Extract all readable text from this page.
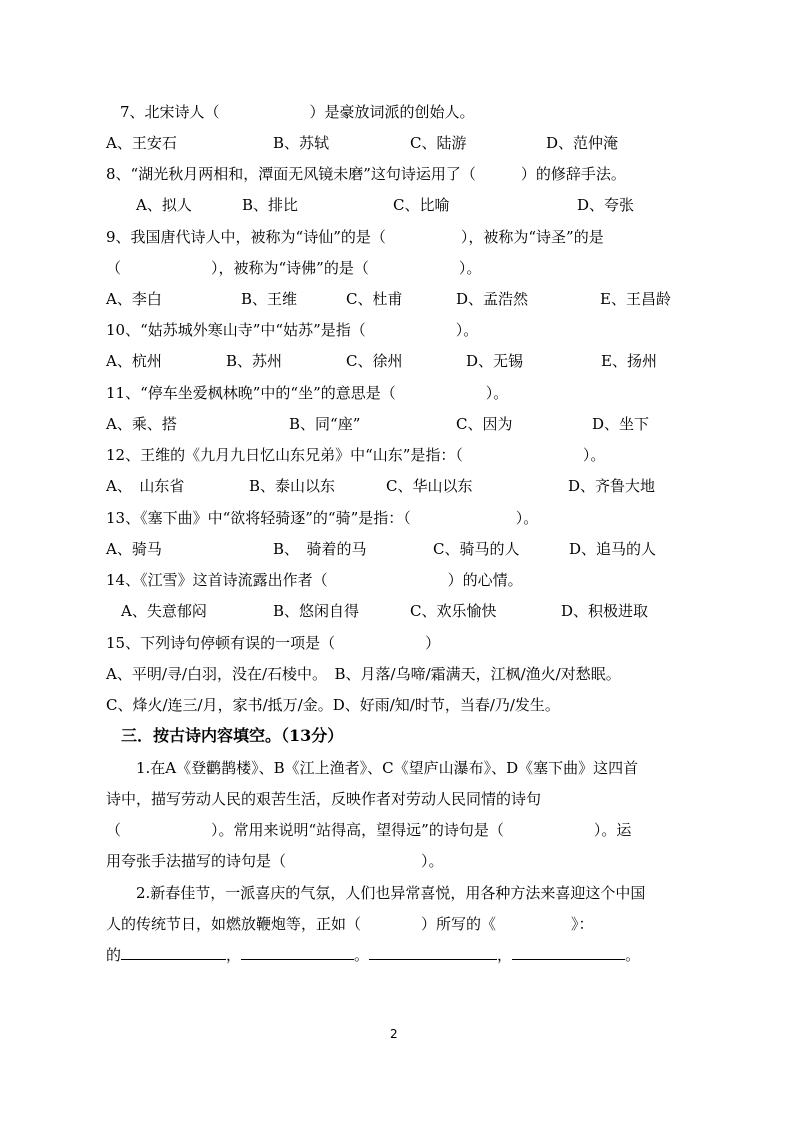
7、北宋诗人（　　　　　　）是豪放词派的创始人。

A、王安石

	B、苏轼

	C、陆游

	D、范仲淹

8、“湖光秋月两相和，潭面无风镜未磨”这句诗运用了（　　　）的修辞手法。

A、拟人

	B、排比

	C、比喻

	D、夸张

9、我国唐代诗人中，被称为“诗仙”的是（　　　　　），被称为“诗圣”的是
（　　　　　　），被称为“诗佛”的是（　　　　　　）。

A、李白

	B、王维

	C、杜甫

	D、孟浩然

	E、王昌龄

10、“姑苏城外寒山寺”中“姑苏”是指（　　　　　　）。

A、杭州

	B、苏州

	C、徐州

	D、无锡

	E、扬州

11、“停车坐爱枫林晚”中的“坐”的意思是（　　　　　　）。

A、乘、搭

	B、同“座”

	C、因为

	D、坐下

12、王维的《九月九日忆山东兄弟》中“山东”是指：（　　　　　　　　）。

A、　山东省

	B、泰山以东

	C、华山以东

	D、齐鲁大地

13、《塞下曲》中“欲将轻骑逐”的“骑”是指：（　　　　　　　）。

A、骑马

	B、　骑着的马

	C、骑马的人

	D、追马的人

14、《江雪》这首诗流露出作者（　　　　　　　　）的心情。

A、失意郁闷

	B、悠闲自得

	C、欢乐愉快

	D、积极进取

15、下列诗句停顿有误的一项是（　　　　　　）
A、平明/寻/白羽，没在/石棱中。　B、月落/乌啼/霜满天，江枫/渔火/对愁眠。
C、烽火/连三/月，家书/抵万/金。D、好雨/知/时节，当春/乃/发生。
三．按古诗内容填空。（13分）
1.在A《登鹳鹊楼》、B《江上渔者》、C《望庐山瀑布》、D《塞下曲》这四首
诗中，描写劳动人民的艰苦生活，反映作者对劳动人民同情的诗句
（　　　　　　）。常用来说明“站得高，望得远”的诗句是（　　　　　　）。运
用夸张手法描写的诗句是（　　　　　　　　　）。
2.新春佳节，一派喜庆的气氛，人们也异常喜悦，用各种方法来喜迎这个中国
人的传统节日，如燃放鞭炮等，正如（　　　　）所写的《　　　　　》：
的	，	。	，	。
2
